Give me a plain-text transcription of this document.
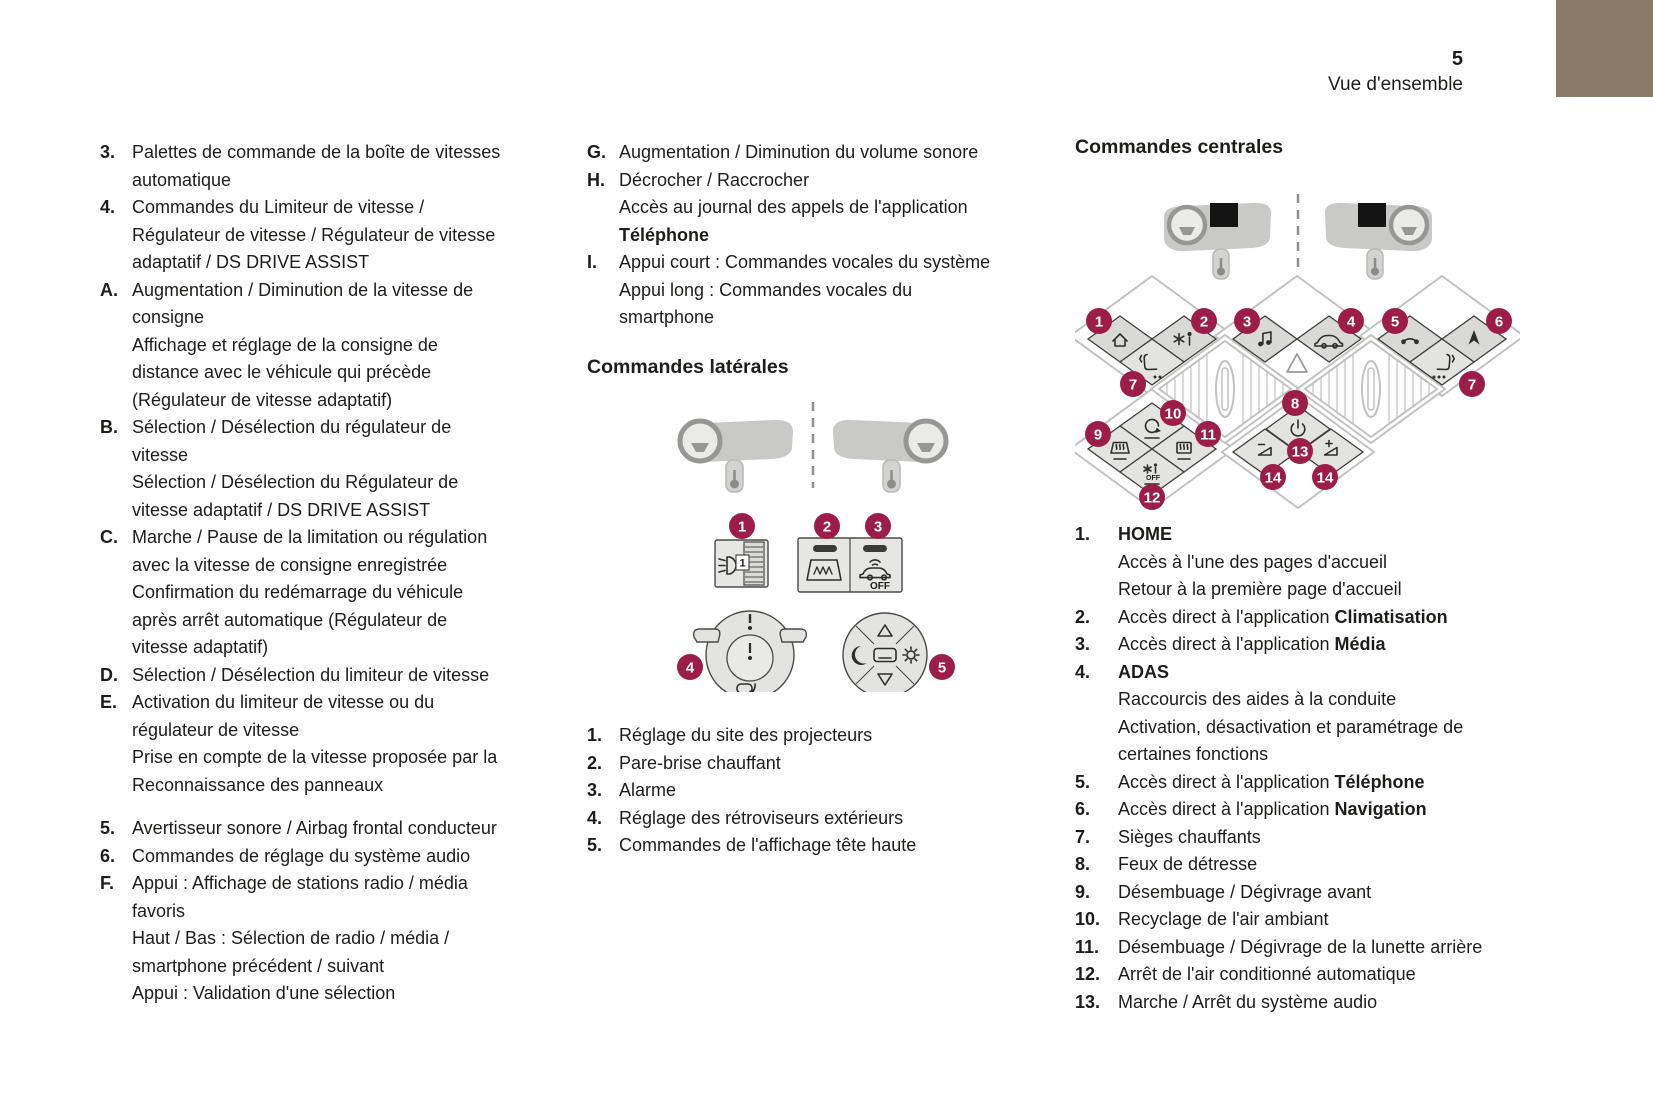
5
Vue d'ensemble
3. Palettes de commande de la boîte de vitesses
automatique
4. Commandes du Limiteur de vitesse /
Régulateur de vitesse / Régulateur de vitesse
adaptatif / DS DRIVE ASSIST
A. Augmentation / Diminution de la vitesse de
consigne
Affichage et réglage de la consigne de
distance avec le véhicule qui précède
(Régulateur de vitesse adaptatif)
B. Sélection / Désélection du régulateur de
vitesse
Sélection / Désélection du Régulateur de
vitesse adaptatif / DS DRIVE ASSIST
C. Marche / Pause de la limitation ou régulation
avec la vitesse de consigne enregistrée
Confirmation du redémarrage du véhicule
après arrêt automatique (Régulateur de
vitesse adaptatif)
D. Sélection / Désélection du limiteur de vitesse
E. Activation du limiteur de vitesse ou du
régulateur de vitesse
Prise en compte de la vitesse proposée par la
Reconnaissance des panneaux
5. Avertisseur sonore / Airbag frontal conducteur
6. Commandes de réglage du système audio
F. Appui : Affichage de stations radio / média
favoris
Haut / Bas : Sélection de radio / média /
smartphone précédent / suivant
Appui : Validation d'une sélection
G. Augmentation / Diminution du volume sonore
H. Décrocher / Raccrocher
Accès au journal des appels de l'application
Téléphone
I.	Appui court : Commandes vocales du système
Appui long : Commandes vocales du
smartphone
Commandes latérales
1
OFF
1	2	3
4	5
1. Réglage du site des projecteurs
2. Pare-brise chauffant
3. Alarme
4. Réglage des rétroviseurs extérieurs
5. Commandes de l'affichage tête haute
Commandes centrales
OFF
1	2 3	4 5	6
7	7
8
9
10
11
12
13
14 14
1.	HOME
Accès à l'une des pages d'accueil
Retour à la première page d'accueil
2.	Accès direct à l'application Climatisation
3.	Accès direct à l'application Média
4.	ADAS
Raccourcis des aides à la conduite
Activation, désactivation et paramétrage de
certaines fonctions
5.	Accès direct à l'application Téléphone
6.	Accès direct à l'application Navigation
7.	Sièges chauffants
8.	Feux de détresse
9.	Désembuage / Dégivrage avant
10. Recyclage de l'air ambiant
11.	Désembuage / Dégivrage de la lunette arrière
12. Arrêt de l'air conditionné automatique
13. Marche / Arrêt du système audio
